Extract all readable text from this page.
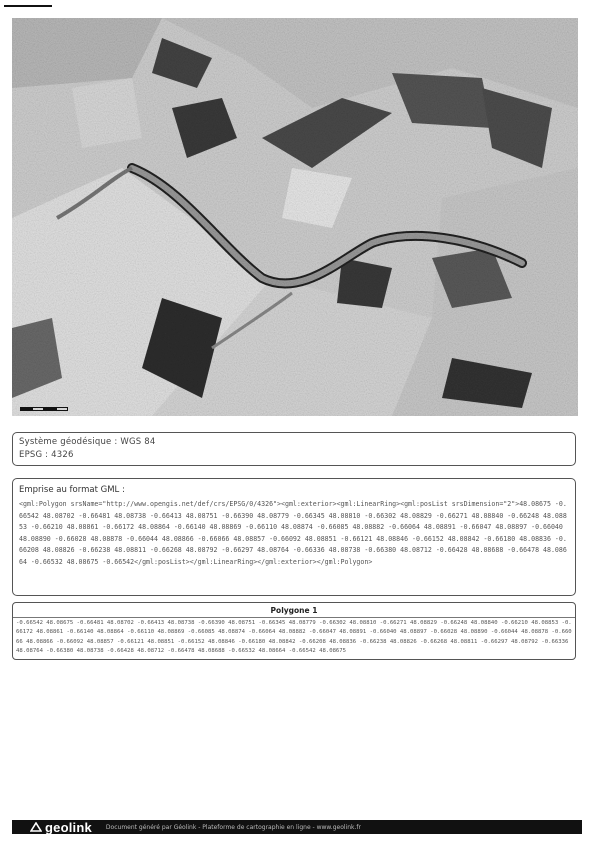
Système géodésique : WGS 84
EPSG : 4326
Emprise au format GML :
<gml:Polygon srsName="http://www.opengis.net/def/crs/EPSG/0/4326"><gml:exterior><gml:LinearRing><gml:posList srsDimension="2">48.08675 -0.66542 48.08702 -0.66481 48.08738 -0.66413 48.08751 -0.66390 48.08779 -0.66345 48.08810 -0.66302 48.08829 -0.66271 48.08840 -0.66248 48.08853 -0.66210 48.08861 -0.66172 48.08864 -0.66140 48.08869 -0.66110 48.08874 -0.66085 48.08882 -0.66064 48.08891 -0.66047 48.08897 -0.66040 48.08890 -0.66028 48.08878 -0.66044 48.08866 -0.66066 48.08857 -0.66092 48.08851 -0.66121 48.08846 -0.66152 48.08842 -0.66180 48.08836 -0.66208 48.08826 -0.66238 48.08811 -0.66268 48.08792 -0.66297 48.08764 -0.66336 48.08738 -0.66380 48.08712 -0.66428 48.08688 -0.66478 48.08664 -0.66532 48.08675 -0.66542</gml:posList></gml:LinearRing></gml:exterior></gml:Polygon>
Polygone 1
-0.66542 48.08675 -0.66481 48.08702 -0.66413 48.08738 -0.66390 48.08751 -0.66345 48.08779 -0.66302 48.08810 -0.66271 48.08829 -0.66248 48.08840 -0.66210 48.08853 -0.66172 48.08861 -0.66140 48.08864 -0.66110 48.08869 -0.66085 48.08874 -0.66064 48.08882 -0.66047 48.08891 -0.66040 48.08897 -0.66028 48.08890 -0.66044 48.08878 -0.66066 48.08866 -0.66092 48.08857 -0.66121 48.08851 -0.66152 48.08846 -0.66180 48.08842 -0.66208 48.08836 -0.66238 48.08826 -0.66268 48.08811 -0.66297 48.08792 -0.66336 48.08764 -0.66380 48.08738 -0.66428 48.08712 -0.66478 48.08688 -0.66532 48.08664 -0.66542 48.08675
geolink Document généré par Géolink - Plateforme de cartographie en ligne - www.geolink.fr
